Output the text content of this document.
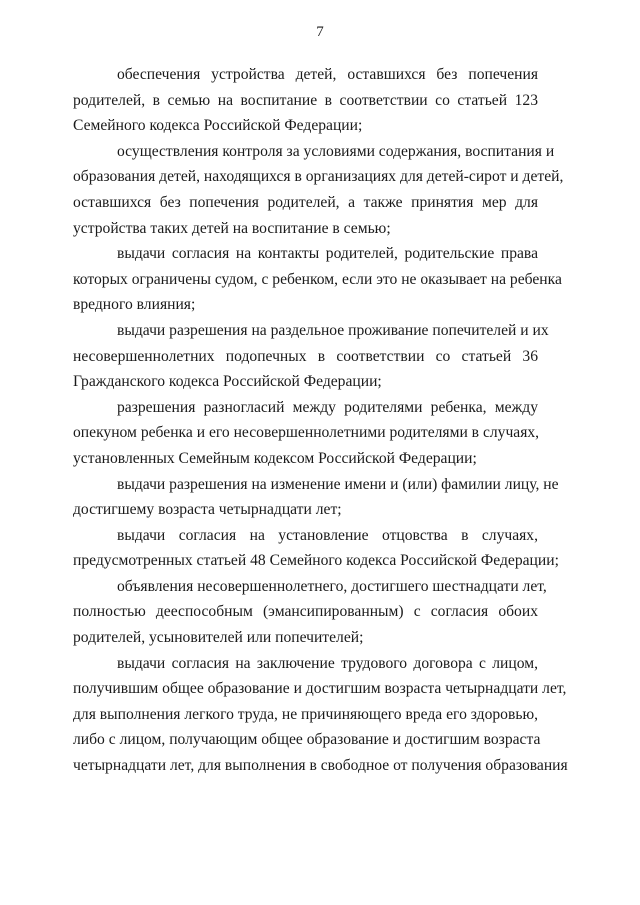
7
обеспечения устройства детей, оставшихся без попечения
родителей, в семью на воспитание в соответствии со статьей 123
Семейного кодекса Российской Федерации;
осуществления контроля за условиями содержания, воспитания и
образования детей, находящихся в организациях для детей-сирот и детей,
оставшихся без попечения родителей, а также принятия мер для
устройства таких детей на воспитание в семью;
выдачи согласия на контакты родителей, родительские права
которых ограничены судом, с ребенком, если это не оказывает на ребенка
вредного влияния;
выдачи разрешения на раздельное проживание попечителей и их
несовершеннолетних подопечных в соответствии со статьей 36
Гражданского кодекса Российской Федерации;
разрешения разногласий между родителями ребенка, между
опекуном ребенка и его несовершеннолетними родителями в случаях,
установленных Семейным кодексом Российской Федерации;
выдачи разрешения на изменение имени и (или) фамилии лицу, не
достигшему возраста четырнадцати лет;
выдачи согласия на установление отцовства в случаях,
предусмотренных статьей 48 Семейного кодекса Российской Федерации;
объявления несовершеннолетнего, достигшего шестнадцати лет,
полностью дееспособным (эмансипированным) с согласия обоих
родителей, усыновителей или попечителей;
выдачи согласия на заключение трудового договора с лицом,
получившим общее образование и достигшим возраста четырнадцати лет,
для выполнения легкого труда, не причиняющего вреда его здоровью,
либо с лицом, получающим общее образование и достигшим возраста
четырнадцати лет, для выполнения в свободное от получения образования
